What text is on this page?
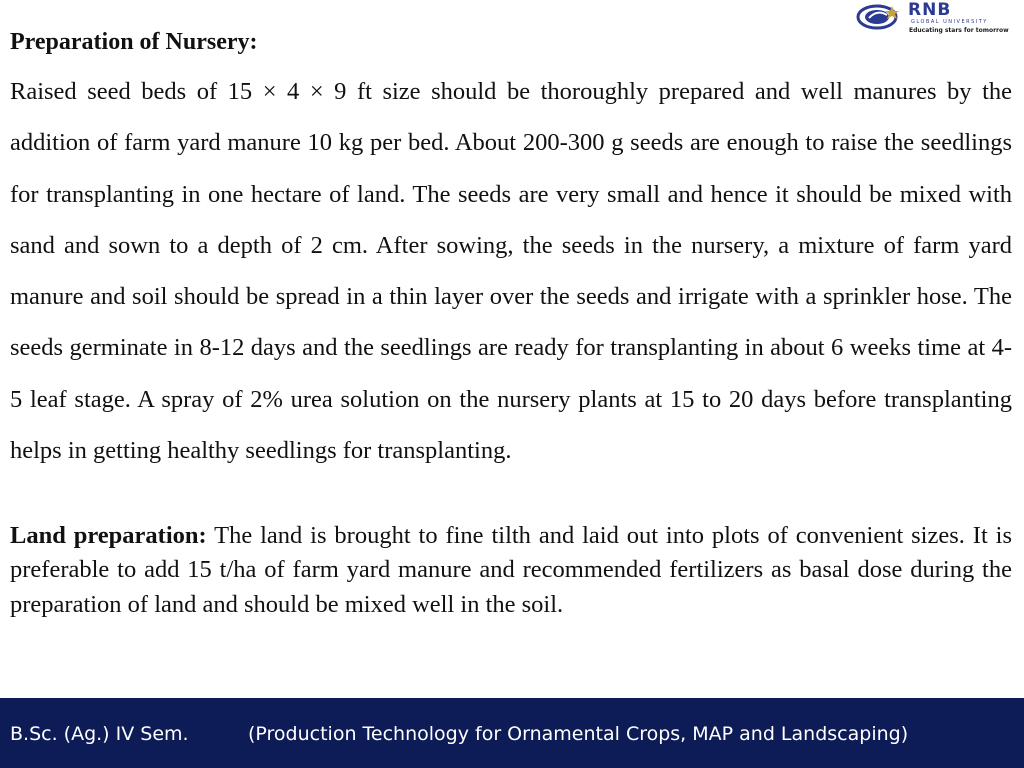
RNB
GLOBAL UNIVERSITY
Educating stars for tomorrow
Preparation of Nursery:

Raised seed beds of 15 × 4 × 9 ft size should be thoroughly prepared and well manures by the addition of farm yard manure 10 kg per bed. About 200-300 g seeds are enough to raise the seedlings for transplanting in one hectare of land. The seeds are very small and hence it should be mixed with sand and sown to a depth of 2 cm. After sowing, the seeds in the nursery, a mixture of farm yard manure and soil should be spread in a thin layer over the seeds and irrigate with a sprinkler hose. The seeds germinate in 8-12 days and the seedlings are ready for transplanting in about 6 weeks time at 4-5 leaf stage. A spray of 2% urea solution on the nursery plants at 15 to 20 days before transplanting helps in getting healthy seedlings for transplanting.

Land preparation: The land is brought to fine tilth and laid out into plots of convenient sizes. It is preferable to add 15 t/ha of farm yard manure and recommended fertilizers as basal dose during the preparation of land and should be mixed well in the soil.

B.Sc. (Ag.) IV Sem.	(Production Technology for Ornamental Crops, MAP and Landscaping)
